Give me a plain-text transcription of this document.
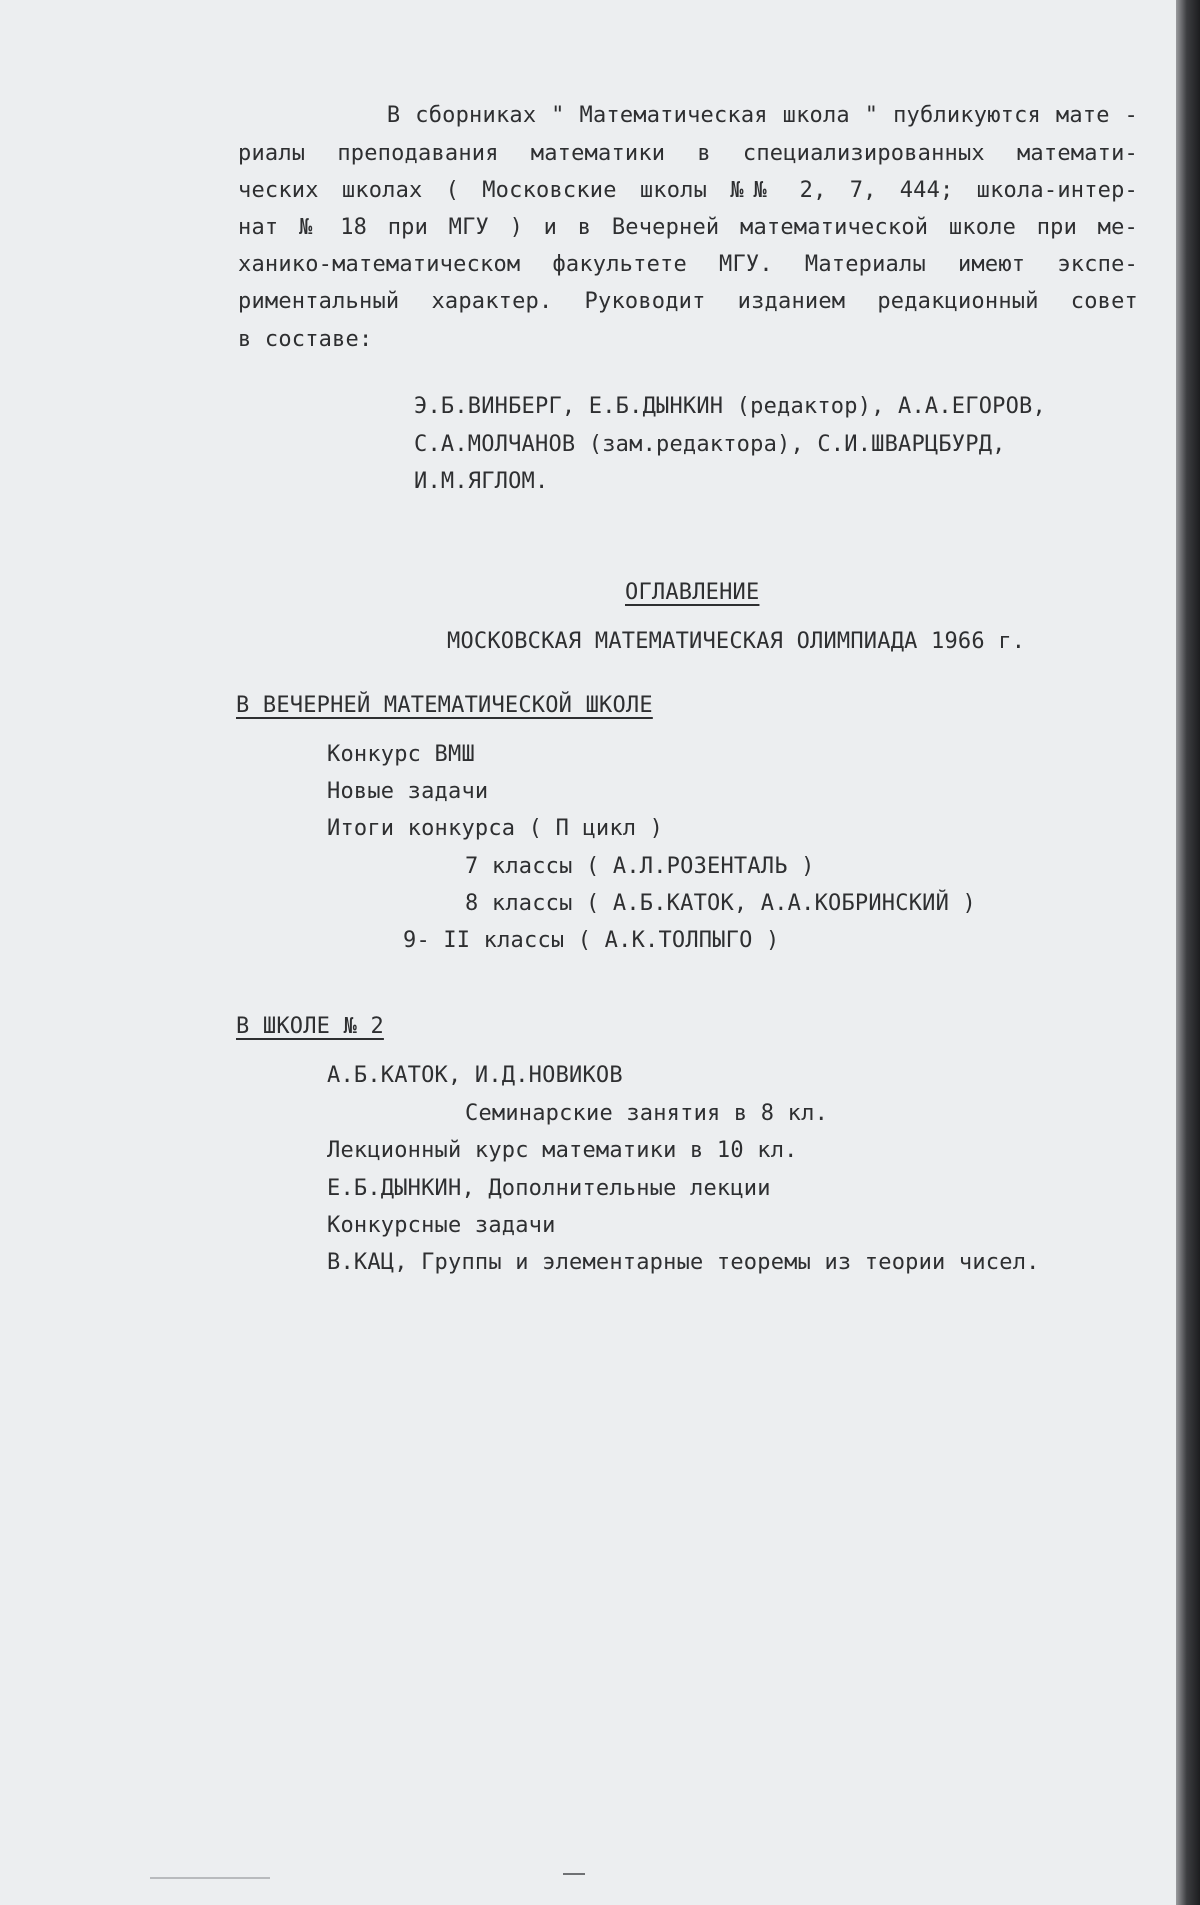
В сборниках " Математическая школа " публикуются мате -
риалы преподавания математики в специализированных математи-
ческих школах ( Московские школы №№ 2, 7, 444; школа-интер-
нат № 18 при МГУ ) и в Вечерней математической школе при ме-
ханико-математическом факультете МГУ. Материалы имеют экспе-
риментальный характер. Руководит изданием редакционный совет
в составе:
Э.Б.ВИНБЕРГ, Е.Б.ДЫНКИН (редактор), А.А.ЕГОРОВ,
С.А.МОЛЧАНОВ (зам.редактора), С.И.ШВАРЦБУРД,
И.М.ЯГЛОМ.
ОГЛАВЛЕНИЕ
МОСКОВСКАЯ МАТЕМАТИЧЕСКАЯ ОЛИМПИАДА 1966 г.
В ВЕЧЕРНЕЙ МАТЕМАТИЧЕСКОЙ ШКОЛЕ
Конкурс ВМШ
Новые задачи
Итоги конкурса ( П цикл )
7 классы ( А.Л.РОЗЕНТАЛЬ )
8 классы ( А.Б.КАТОК, А.А.КОБРИНСКИЙ )
9- II классы ( А.К.ТОЛПЫГО )
В ШКОЛЕ № 2
А.Б.КАТОК, И.Д.НОВИКОВ
Семинарские занятия в 8 кл.
Лекционный курс математики в 10 кл.
Е.Б.ДЫНКИН, Дополнительные лекции
Конкурсные задачи
В.КАЦ, Группы и элементарные теоремы из теории чисел.
